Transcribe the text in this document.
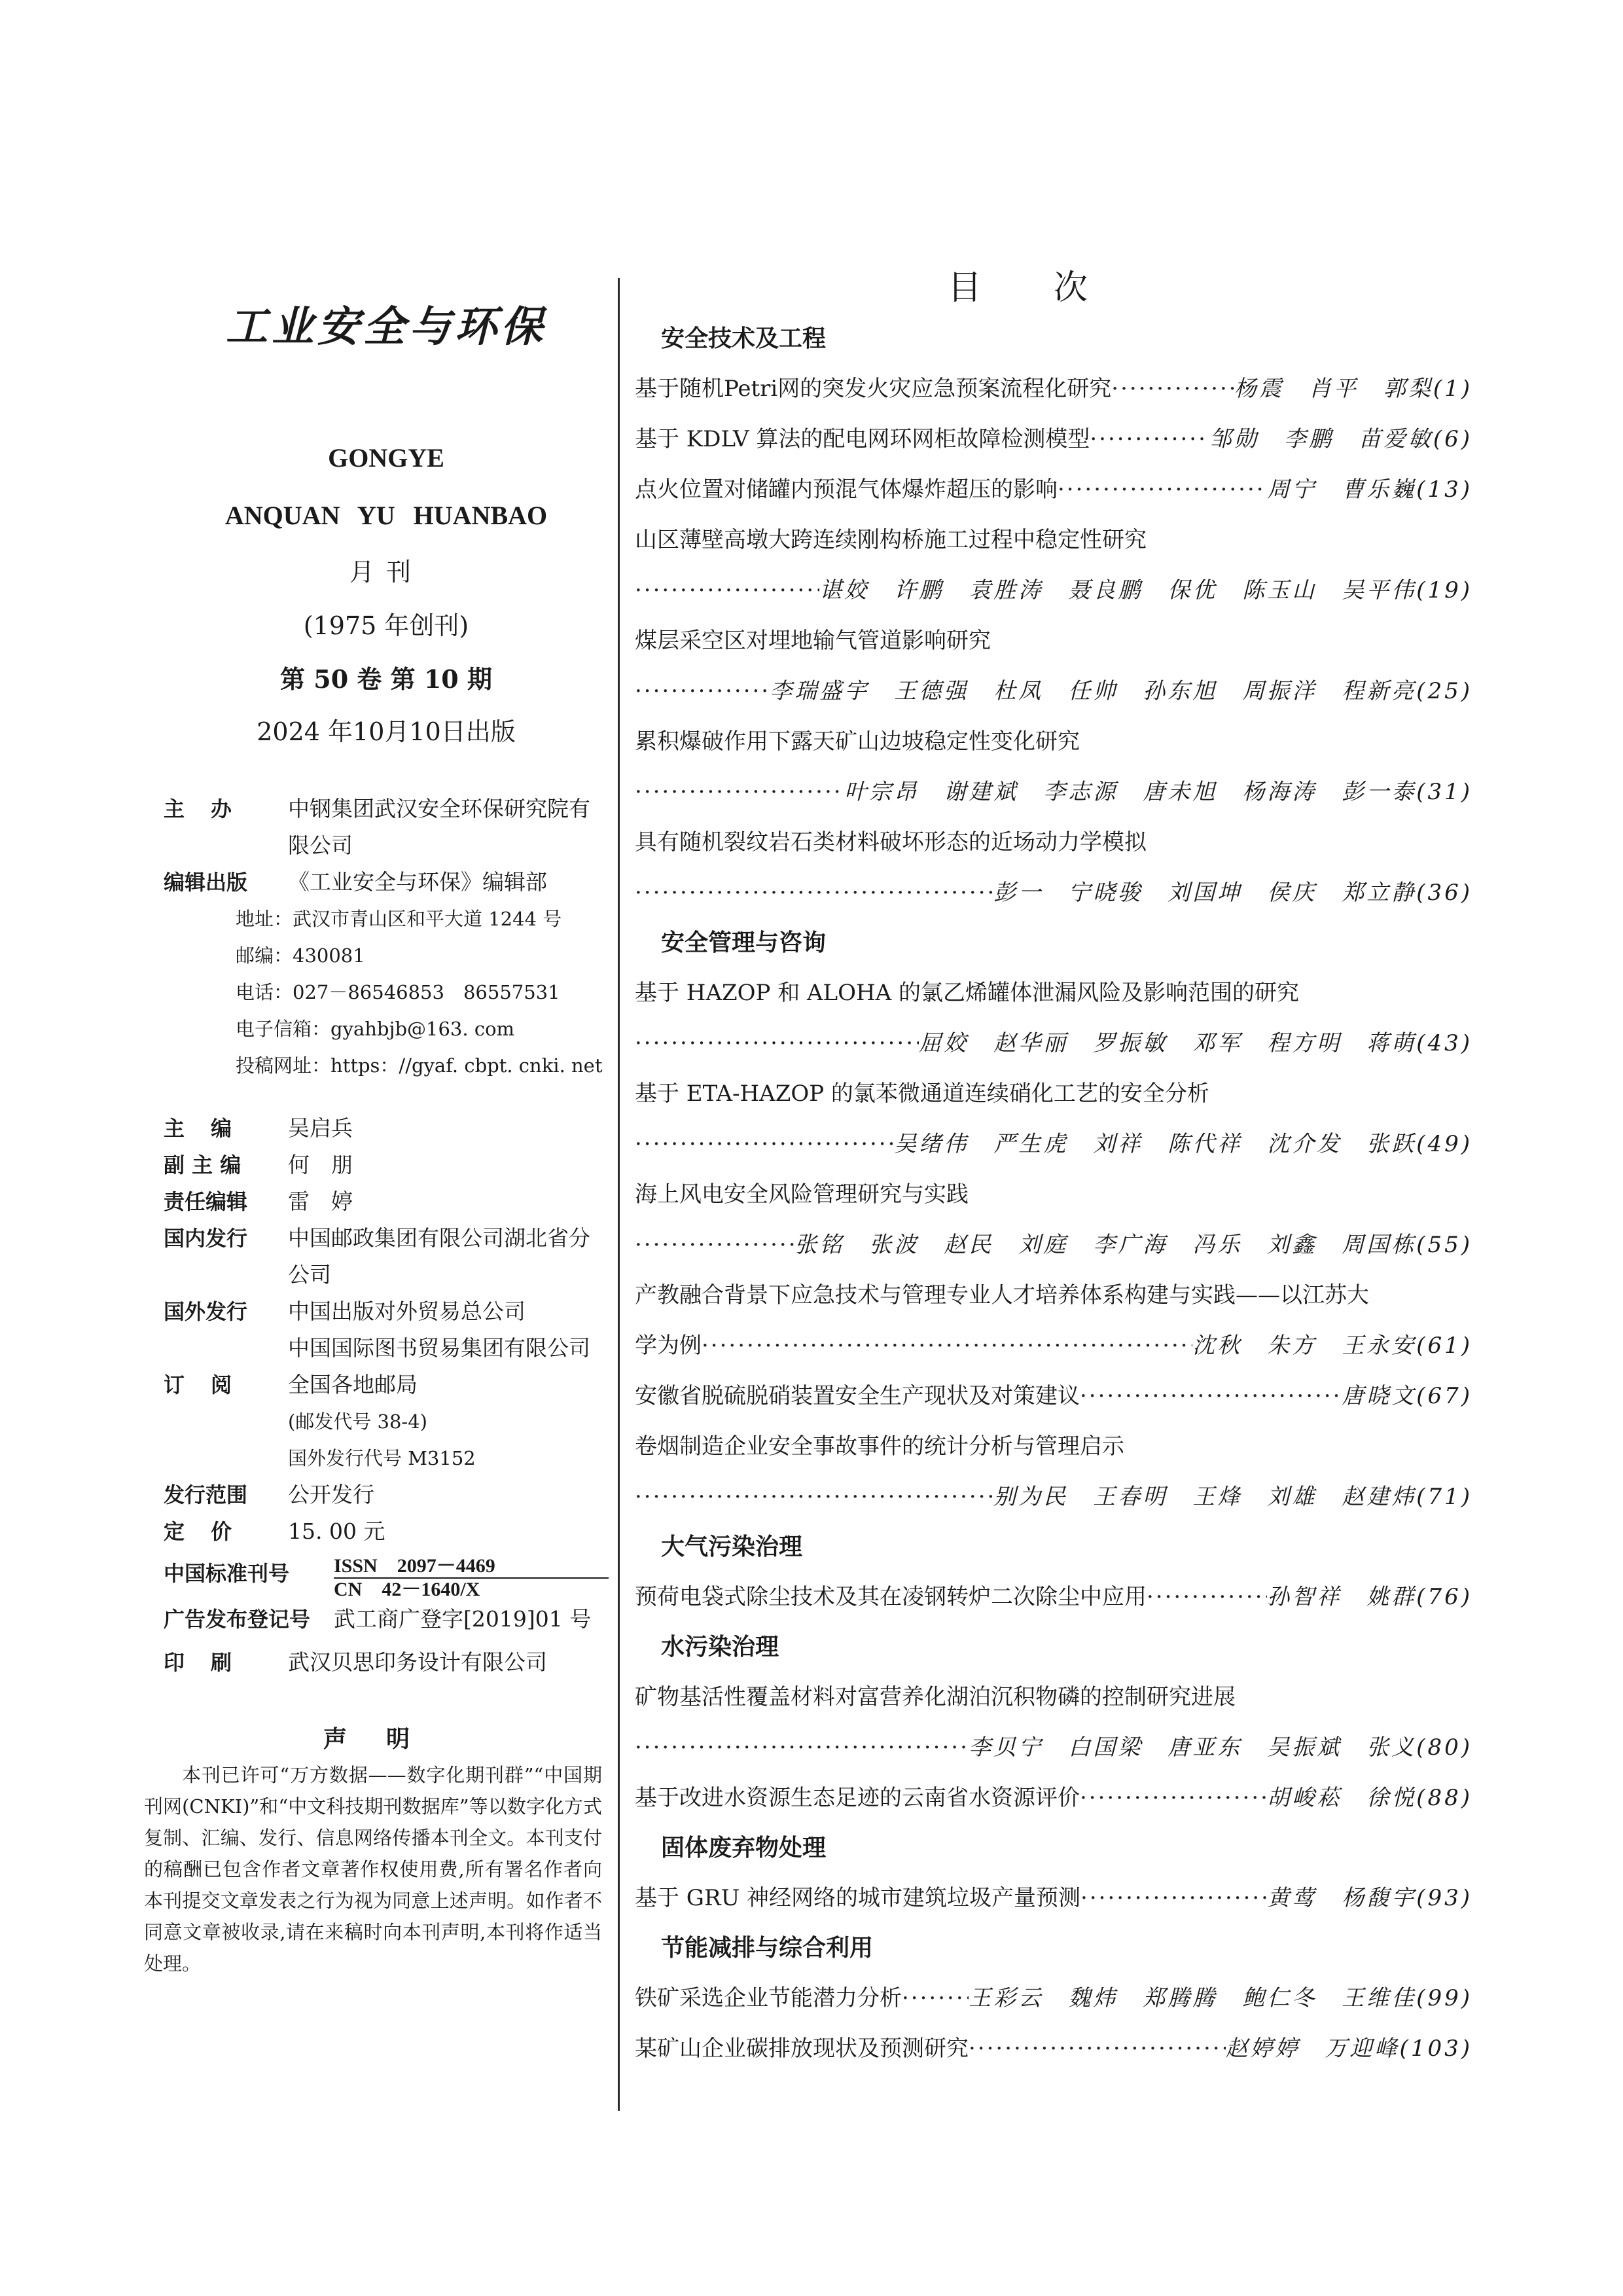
工业安全与环保
GONGYE
ANQUAN YU HUANBAO
月刊
(1975 年创刊)
第 50 卷 第 10 期
2024 年10月10日出版
主办	中钢集团武汉安全环保研究院有限公司
编辑出版	《工业安全与环保》编辑部
地址：武汉市青山区和平大道 1244 号
邮编：430081
电话：027－86546853　86557531
电子信箱：gyahbjb@163. com
投稿网址：https：//gyaf. cbpt. cnki. net
主编	吴启兵
副 主 编	何　朋
责任编辑	雷　婷
国内发行	中国邮政集团有限公司湖北省分公司
国外发行	中国出版对外贸易总公司
中国国际图书贸易集团有限公司
订阅	全国各地邮局
(邮发代号 38-4)
国外发行代号 M3152
发行范围	公开发行
定价	15. 00 元
中国标准刊号	ISSN　2097－4469
CN　42－1640/X
广告发布登记号	武工商广登字[2019]01 号
印刷	武汉贝思印务设计有限公司
声明
本刊已许可“万方数据——数字化期刊群”“中国期刊网(CNKI)”和“中文科技期刊数据库”等以数字化方式复制、汇编、发行、信息网络传播本刊全文。本刊支付的稿酬已包含作者文章著作权使用费,所有署名作者向本刊提交文章发表之行为视为同意上述声明。如作者不同意文章被收录,请在来稿时向本刊声明,本刊将作适当处理。
目次
安全技术及工程
基于随机Petri网的突发火灾应急预案流程化研究 ·····	杨震　肖平　郭梨(1)
基于 KDLV 算法的配电网环网柜故障检测模型 ·····	邹勋　李鹏　苗爱敏(6)
点火位置对储罐内预混气体爆炸超压的影响 ·····	周宁　曹乐巍(13)
山区薄壁高墩大跨连续刚构桥施工过程中稳定性研究
·····
谌姣　许鹏　袁胜涛　聂良鹏　保优　陈玉山　吴平伟(19)
煤层采空区对埋地输气管道影响研究
·····
李瑞盛宇　王德强　杜凤　任帅　孙东旭　周振洋　程新亮(25)
累积爆破作用下露天矿山边坡稳定性变化研究
·····
叶宗昂　谢建斌　李志源　唐未旭　杨海涛　彭一泰(31)
具有随机裂纹岩石类材料破坏形态的近场动力学模拟
·····
彭一　宁晓骏　刘国坤　侯庆　郑立静(36)
安全管理与咨询
基于 HAZOP 和 ALOHA 的氯乙烯罐体泄漏风险及影响范围的研究
·····
屈姣　赵华丽　罗振敏　邓军　程方明　蒋萌(43)
基于 ETA-HAZOP 的氯苯微通道连续硝化工艺的安全分析
·····
吴绪伟　严生虎　刘祥　陈代祥　沈介发　张跃(49)
海上风电安全风险管理研究与实践
·····
张铭　张波　赵民　刘庭　李广海　冯乐　刘鑫　周国栋(55)
产教融合背景下应急技术与管理专业人才培养体系构建与实践——以江苏大
学为例 ·····	沈秋　朱方　王永安(61)
安徽省脱硫脱硝装置安全生产现状及对策建议 ·····	唐晓文(67)
卷烟制造企业安全事故事件的统计分析与管理启示
·····
别为民　王春明　王烽　刘雄　赵建炜(71)
大气污染治理
预荷电袋式除尘技术及其在凌钢转炉二次除尘中应用 ·····	孙智祥　姚群(76)
水污染治理
矿物基活性覆盖材料对富营养化湖泊沉积物磷的控制研究进展
·····
李贝宁　白国梁　唐亚东　吴振斌　张义(80)
基于改进水资源生态足迹的云南省水资源评价 ·····	胡峻菘　徐悦(88)
固体废弃物处理
基于 GRU 神经网络的城市建筑垃圾产量预测 ·····	黄莺　杨馥宇(93)
节能减排与综合利用
铁矿采选企业节能潜力分析 ·····	王彩云　魏炜　郑腾腾　鲍仁冬　王维佳(99)
某矿山企业碳排放现状及预测研究 ·····	赵婷婷　万迎峰(103)
